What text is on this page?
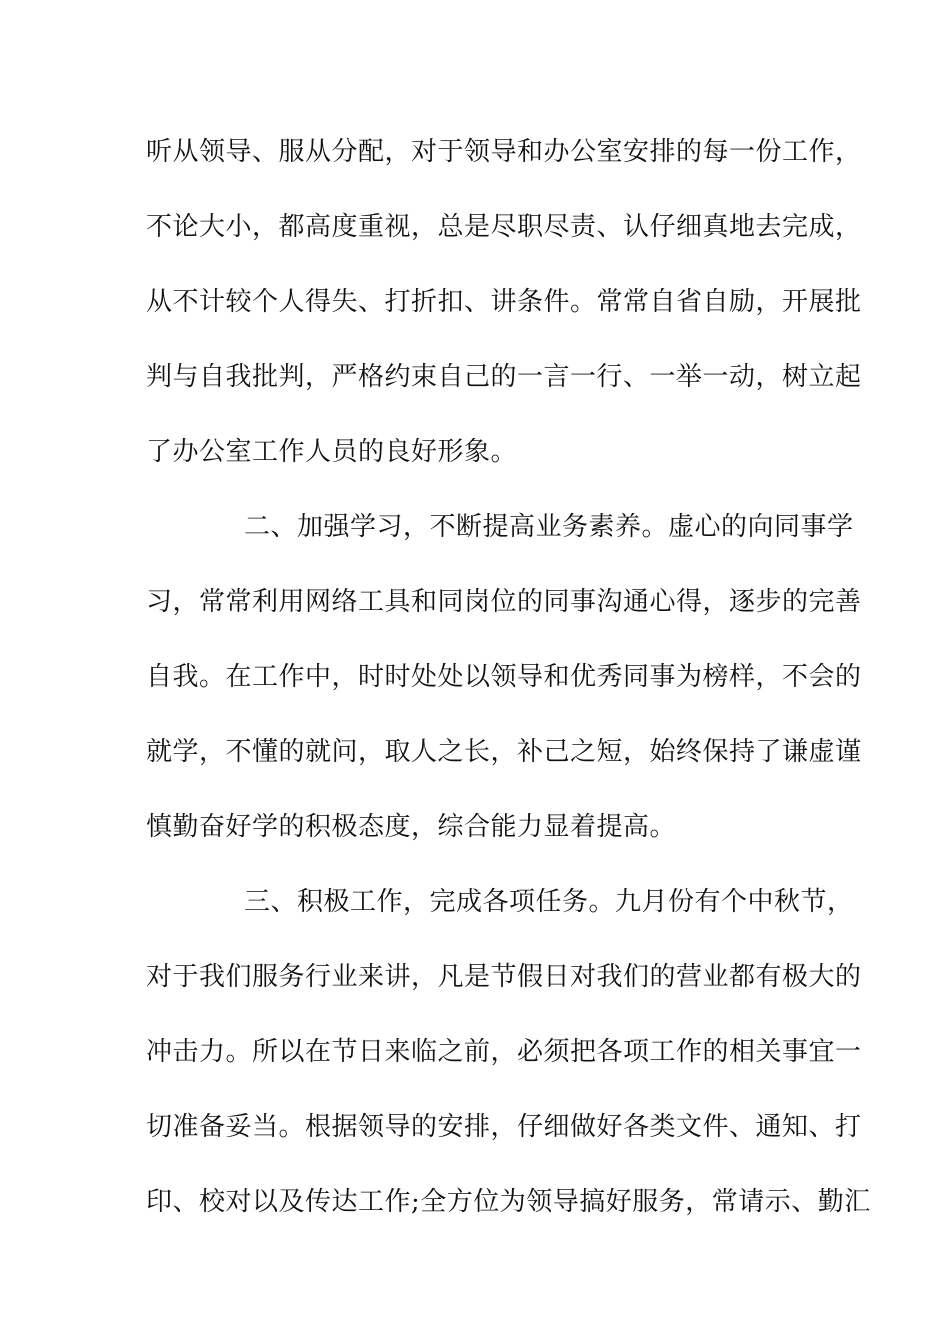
听从领导、服从分配，对于领导和办公室安排的每一份工作，
不论大小，都高度重视，总是尽职尽责、认仔细真地去完成，
从不计较个人得失、打折扣、讲条件。常常自省自励，开展批
判与自我批判，严格约束自己的一言一行、一举一动，树立起
了办公室工作人员的良好形象。
二、加强学习，不断提高业务素养。虚心的向同事学
习，常常利用网络工具和同岗位的同事沟通心得，逐步的完善
自我。在工作中，时时处处以领导和优秀同事为榜样，不会的
就学，不懂的就问，取人之长，补己之短，始终保持了谦虚谨
慎勤奋好学的积极态度，综合能力显着提高。
三、积极工作，完成各项任务。九月份有个中秋节，
对于我们服务行业来讲，凡是节假日对我们的营业都有极大的
冲击力。所以在节日来临之前，必须把各项工作的相关事宜一
切准备妥当。根据领导的安排，仔细做好各类文件、通知、打
印、校对以及传达工作;全方位为领导搞好服务，常请示、勤汇
